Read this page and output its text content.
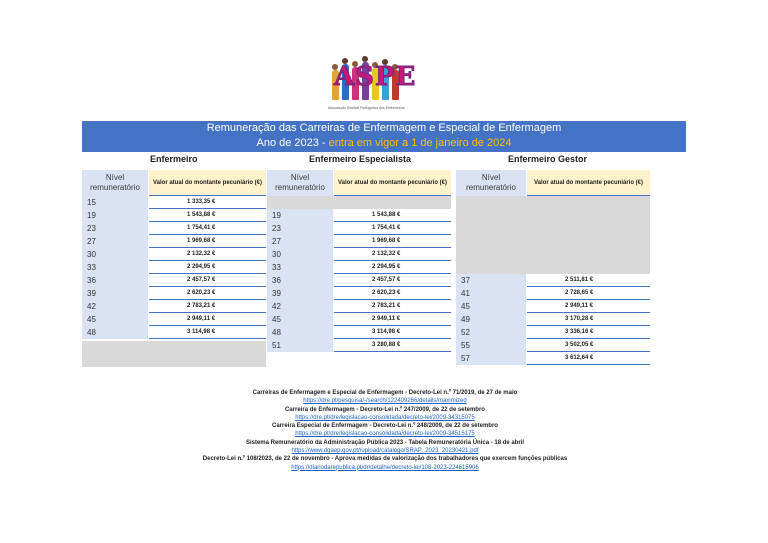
ASPE
Associação Sindical Portuguesa dos Enfermeiros
Remuneração das Carreiras de Enfermagem e Especial de Enfermagem
Ano de 2023 - entra em vigor a 1 de janeiro de 2024
Enfermeiro	Enfermeiro Especialista	Enfermeiro Gestor
Nível remuneratório
Valor atual do montante pecuniário (€)
Nível remuneratório
Valor atual do montante pecuniário (€)
Nível remuneratório
Valor atual do montante pecuniário (€)
15	1 333,35 €
19	1 543,88 €
23	1 754,41 €
27	1 969,68 €
30	2 132,32 €
33	2 294,95 €
36	2 457,57 €
39	2 620,23 €
42	2 783,21 €
45	2 949,11 €
48	3 114,98 €
19	1 543,88 €
23	1 754,41 €
27	1 969,68 €
30	2 132,32 €
33	2 294,95 €
36	2 457,57 €
39	2 620,23 €
42	2 783,21 €
45	2 949,11 €
48	3 114,98 €
51	3 280,88 €
37	2 511,81 €
41	2 728,65 €
45	2 949,11 €
49	3 170,28 €
52	3 336,16 €
55	3 502,05 €
57	3 612,64 €
Carreiras de Enfermagem e Especial de Enfermagem - Decreto-Lei n.º 71/2019, de 27 de maio
https://dre.pt/pesquisa/-/search/122409266/details/maximized
Carreira de Enfermagem - Decreto-Lei n.º 247/2009, de 22 de setembro
https://dre.pt/dre/legislacao-consolidada/decreto-lei/2009-34315075
Carreira Especial de Enfermagem - Decreto-Lei n.º 248/2009, de 22 de setembro
https://dre.pt/dre/legislacao-consolidada/decreto-lei/2009-34515175
Sistema Remuneratório da Administração Pública 2023 - Tabela Remuneratória Única - 18 de abril
https://www.dgaep.gov.pt//upload/catalogo/SRAP_2023_20230421.pdf
Decreto-Lei n.º 108/2023, de 22 de novembro - Aprova medidas de valorização dos trabalhadores que exercem funções públicas
https://diariodarepublica.pt/dr/detalhe/decreto-lei/108-2023-224615906
